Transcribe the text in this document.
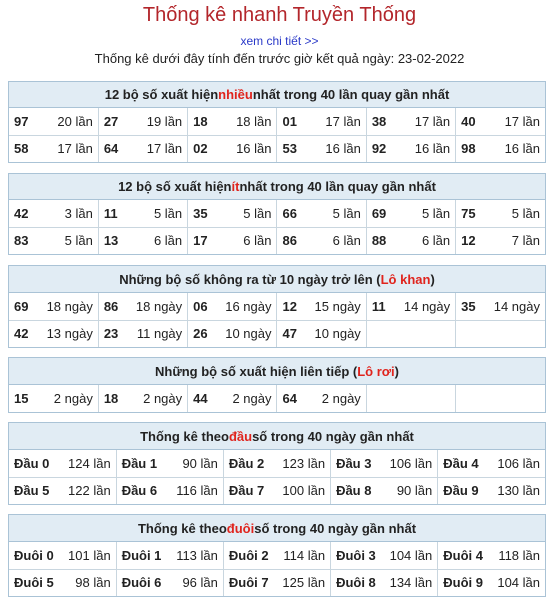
Thống kê nhanh Truyền Thống
xem chi tiết >>
Thống kê dưới đây tính đến trước giờ kết quả ngày: 23-02-2022
12 bộ số xuất hiện nhiều nhất trong 40 lần quay gần nhất
97 20 lần	27 19 lần	18 18 lần	01 17 lần	38 17 lần	40 17 lần

58 17 lần	64 17 lần	02 16 lần	53 16 lần	92 16 lần	98 16 lần
12 bộ số xuất hiện ít nhất trong 40 lần quay gần nhất
42 3 lần	11 5 lần	35 5 lần	66 5 lần	69 5 lần	75 5 lần

83 5 lần	13 6 lần	17 6 lần	86 6 lần	88 6 lần	12 7 lần
Những bộ số không ra từ 10 ngày trở lên ( Lô khan )
69 18 ngày	86 18 ngày	06 16 ngày	12 15 ngày	11 14 ngày	35 14 ngày

42 13 ngày	23 11 ngày	26 10 ngày	47 10 ngày		

Những bộ số xuất hiện liên tiếp ( Lô rơi )
15 2 ngày	18 2 ngày	44 2 ngày	64 2 ngày

Thống kê theo đầu số trong 40 ngày gần nhất
Đầu 0 124 lần	Đầu 1 90 lần	Đầu 2 123 lần	Đầu 3 106 lần	Đầu 4 106 lần

Đầu 5 122 lần	Đầu 6 116 lần	Đầu 7 100 lần	Đầu 8 90 lần	Đầu 9 130 lần
Thống kê theo đuôi số trong 40 ngày gần nhất
Đuôi 0 101 lần	Đuôi 1 113 lần	Đuôi 2 114 lần	Đuôi 3 104 lần	Đuôi 4 118 lần

Đuôi 5 98 lần	Đuôi 6 96 lần	Đuôi 7 125 lần	Đuôi 8 134 lần	Đuôi 9 104 lần
